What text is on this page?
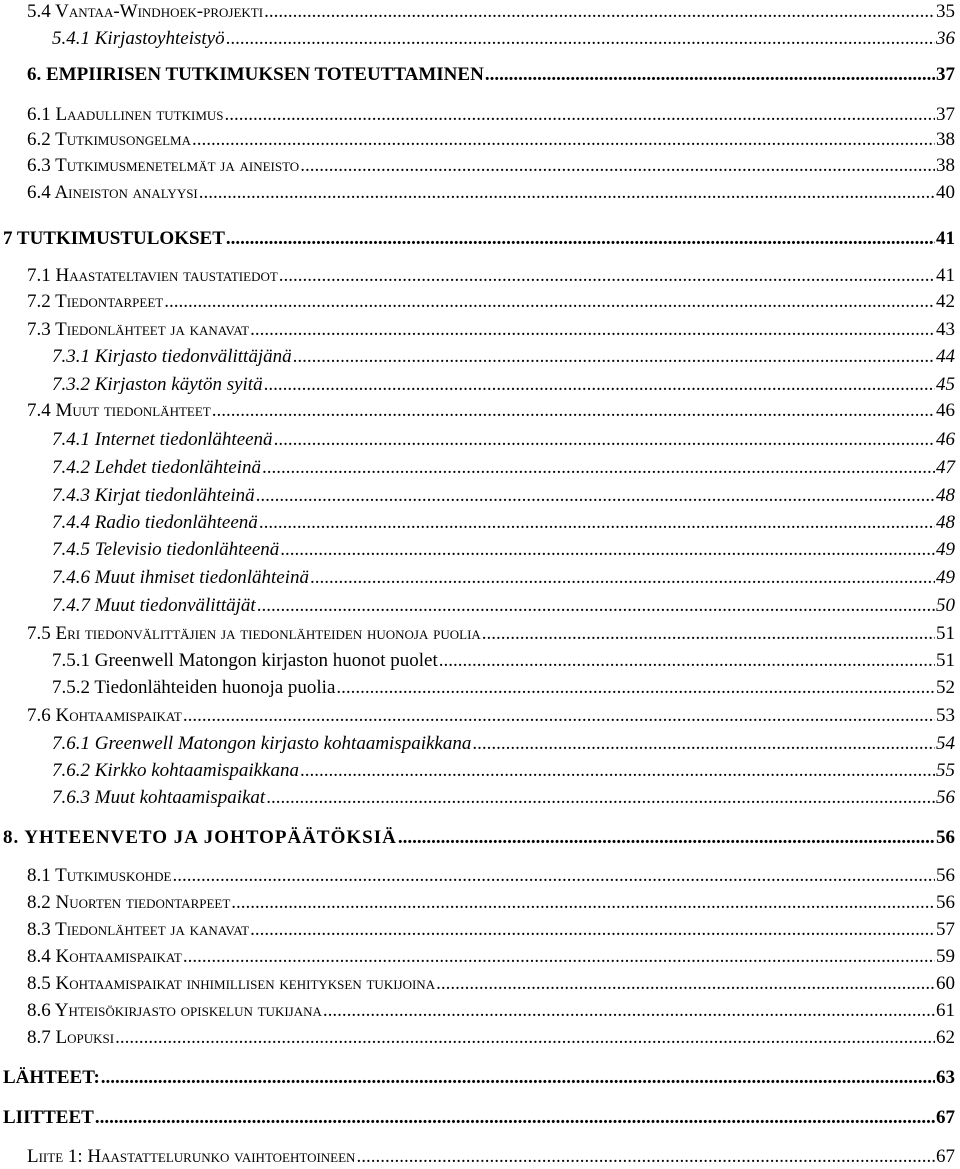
5.4 Vantaa-Windhoek-projekti .....	35
5.4.1 Kirjastoyhteistyö .....	36
6. EMPIIRISEN TUTKIMUKSEN TOTEUTTAMINEN .....	37
6.1 Laadullinen tutkimus .....	37
6.2 Tutkimusongelma .....	38
6.3 Tutkimusmenetelmät ja aineisto .....	38
6.4 Aineiston analyysi .....	40
7 TUTKIMUSTULOKSET .....	41
7.1 Haastateltavien taustatiedot .....	41
7.2 Tiedontarpeet .....	42
7.3 Tiedonlähteet ja kanavat .....	43
7.3.1 Kirjasto tiedonvälittäjänä .....	44
7.3.2 Kirjaston käytön syitä .....	45
7.4 Muut tiedonlähteet .....	46
7.4.1 Internet tiedonlähteenä .....	46
7.4.2 Lehdet tiedonlähteinä .....	47
7.4.3 Kirjat tiedonlähteinä .....	48
7.4.4 Radio tiedonlähteenä .....	48
7.4.5 Televisio tiedonlähteenä .....	49
7.4.6 Muut ihmiset tiedonlähteinä .....	49
7.4.7 Muut tiedonvälittäjät .....	50
7.5 Eri tiedonvälittäjien ja tiedonlähteiden huonoja puolia .....	51
7.5.1 Greenwell Matongon kirjaston huonot puolet .....	51
7.5.2 Tiedonlähteiden huonoja puolia .....	52
7.6 Kohtaamispaikat .....	53
7.6.1 Greenwell Matongon kirjasto kohtaamispaikkana .....	54
7.6.2 Kirkko kohtaamispaikkana .....	55
7.6.3 Muut kohtaamispaikat .....	56
8. YHTEENVETO JA JOHTOPÄÄTÖKSIÄ .....	56
8.1 Tutkimuskohde .....	56
8.2 Nuorten tiedontarpeet .....	56
8.3 Tiedonlähteet ja kanavat .....	57
8.4 Kohtaamispaikat .....	59
8.5 Kohtaamispaikat inhimillisen kehityksen tukijoina .....	60
8.6 Yhteisökirjasto opiskelun tukijana .....	61
8.7 Lopuksi .....	62
LÄHTEET: .....	63
LIITTEET .....	67
Liite 1: Haastattelurunko vaihtoehtoineen .....	67
